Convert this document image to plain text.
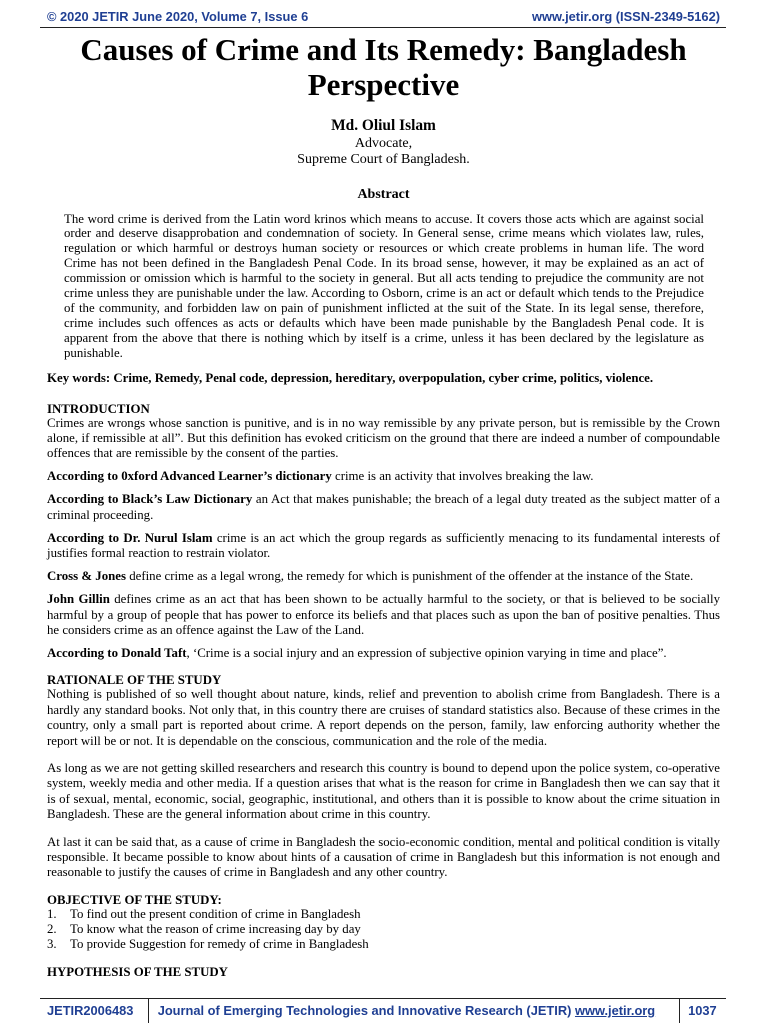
© 2020 JETIR June 2020, Volume 7, Issue 6	www.jetir.org (ISSN-2349-5162)
Causes of Crime and Its Remedy: Bangladesh Perspective
Md. Oliul Islam
Advocate,
Supreme Court of Bangladesh.
Abstract

The word crime is derived from the Latin word krinos which means to accuse. It covers those acts which are against social order and deserve disapprobation and condemnation of society. In General sense, crime means which violates law, rules, regulation or which harmful or destroys human society or resources or which create problems in human life. The word Crime has not been defined in the Bangladesh Penal Code. In its broad sense, however, it may be explained as an act of commission or omission which is harmful to the society in general. But all acts tending to prejudice the community are not crime unless they are punishable under the law. According to Osborn, crime is an act or default which tends to the Prejudice of the community, and forbidden law on pain of punishment inflicted at the suit of the State. In its legal sense, therefore, crime includes such offences as acts or defaults which have been made punishable by the Bangladesh Penal code. It is apparent from the above that there is nothing which by itself is a crime, unless it has been declared by the legislature as punishable.

Key words: Crime, Remedy, Penal code, depression, hereditary, overpopulation, cyber crime, politics, violence.
INTRODUCTION

Crimes are wrongs whose sanction is punitive, and is in no way remissible by any private person, but is remissible by the Crown alone, if remissible at all”. But this definition has evoked criticism on the ground that there are indeed a number of compoundable offences that are remissible by the consent of the parties.

According to 0xford Advanced Learner’s dictionary crime is an activity that involves breaking the law.

According to Black’s Law Dictionary an Act that makes punishable; the breach of a legal duty treated as the subject matter of a criminal proceeding.

According to Dr. Nurul Islam crime is an act which the group regards as sufficiently menacing to its fundamental interests of justifies formal reaction to restrain violator.

Cross & Jones define crime as a legal wrong, the remedy for which is punishment of the offender at the instance of the State.

John Gillin defines crime as an act that has been shown to be actually harmful to the society, or that is believed to be socially harmful by a group of people that has power to enforce its beliefs and that places such as upon the ban of positive penalties. Thus he considers crime as an offence against the Law of the Land.

According to Donald Taft, ‘Crime is a social injury and an expression of subjective opinion varying in time and place”.

RATIONALE OF THE STUDY

Nothing is published of so well thought about nature, kinds, relief and prevention to abolish crime from Bangladesh. There is a hardly any standard books. Not only that, in this country there are cruises of standard statistics also. Because of these crimes in the country, only a small part is reported about crime. A report depends on the person, family, law enforcing authority whether the report will be or not. It is dependable on the conscious, communication and the role of the media.

As long as we are not getting skilled researchers and research this country is bound to depend upon the police system, co-operative system, weekly media and other media. If a question arises that what is the reason for crime in Bangladesh then we can say that it is of sexual, mental, economic, social, geographic, institutional, and others than it is possible to know about the crime situation in Bangladesh. These are the general information about crime in this country.

At last it can be said that, as a cause of crime in Bangladesh the socio-economic condition, mental and political condition is vitally responsible. It became possible to know about hints of a causation of crime in Bangladesh but this information is not enough and reasonable to justify the causes of crime in Bangladesh and any other country.

OBJECTIVE OF THE STUDY:
1.	To find out the present condition of crime in Bangladesh
2.	To know what the reason of crime increasing day by day
3.	To provide Suggestion for remedy of crime in Bangladesh
HYPOTHESIS OF THE STUDY
JETIR2006483	Journal of Emerging Technologies and Innovative Research (JETIR) www.jetir.org	1037
